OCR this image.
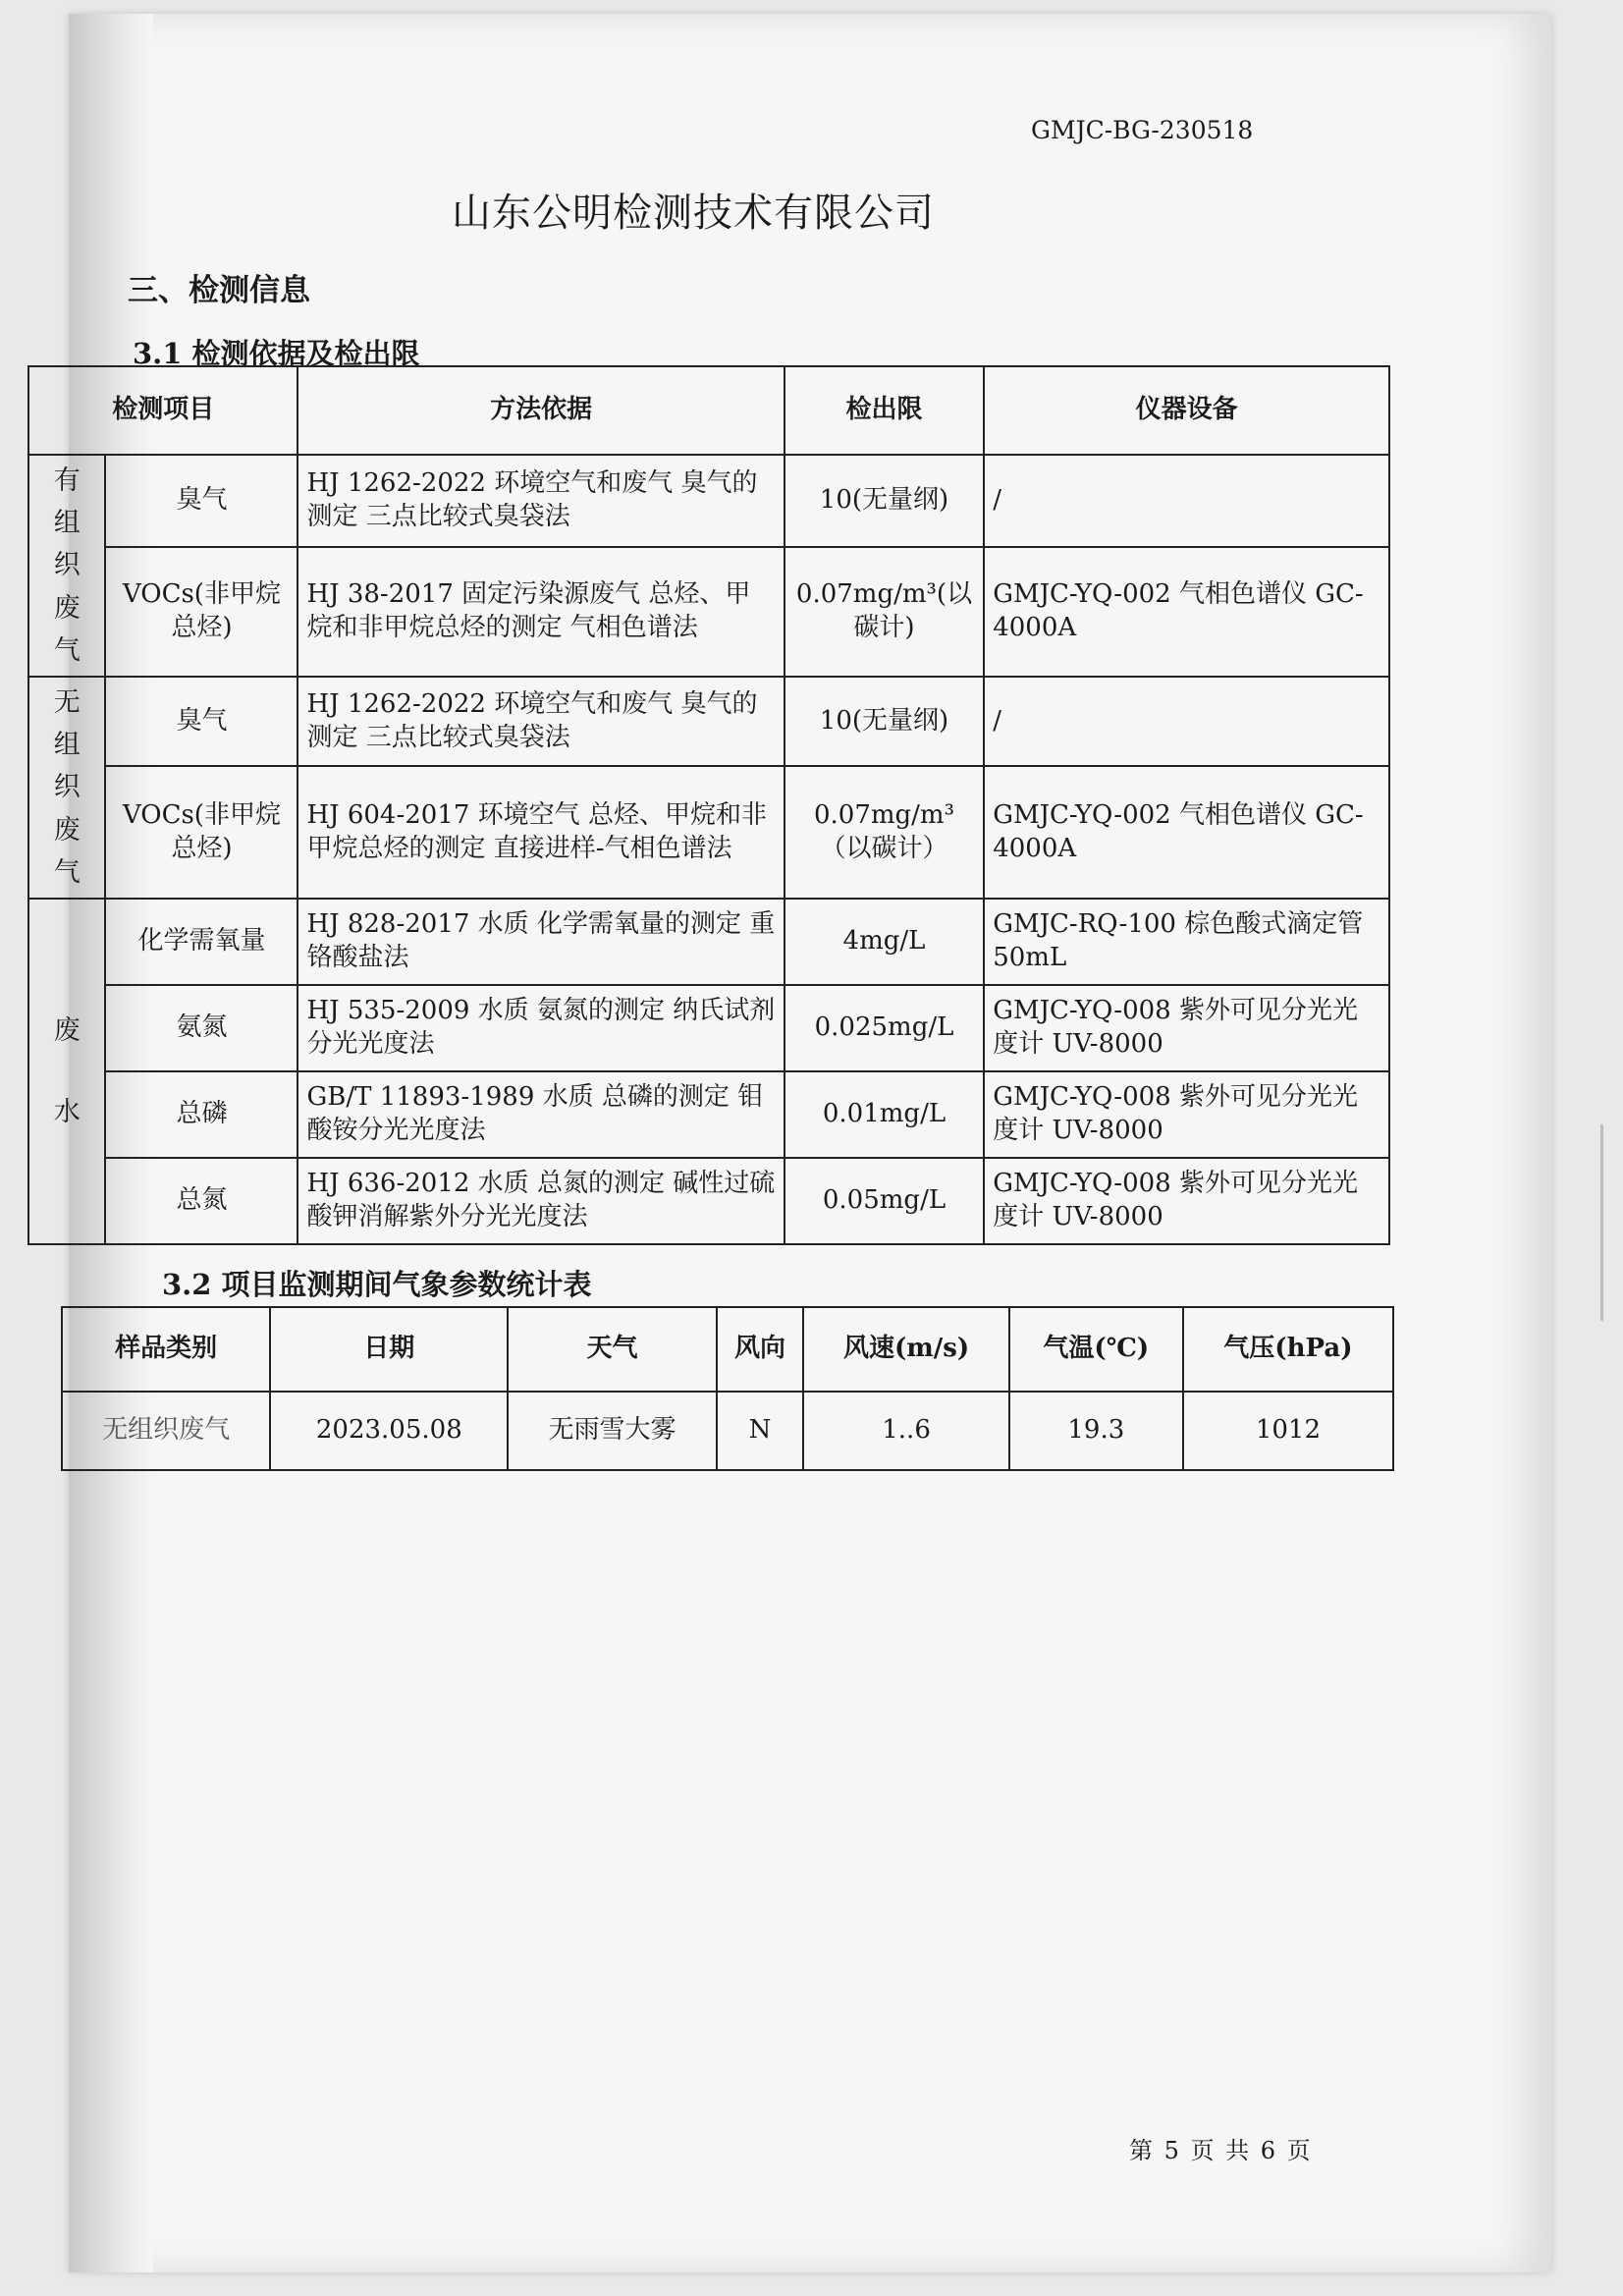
GMJC-BG-230518
山东公明检测技术有限公司
三、检测信息
3.1 检测依据及检出限
检测项目		方法依据	检出限	仪器设备

有
组
织
废
气	臭气	HJ 1262-2022 环境空气和废气 臭气的测定 三点比较式臭袋法	10(无量纲)	/
	VOCs(非甲烷总烃)	HJ 38-2017 固定污染源废气 总烃、甲烷和非甲烷总烃的测定 气相色谱法	0.07mg/m³(以碳计)	GMJC-YQ-002 气相色谱仪 GC-4000A

无
组
织
废
气	臭气	HJ 1262-2022 环境空气和废气 臭气的测定 三点比较式臭袋法	10(无量纲)	/
	VOCs(非甲烷总烃)	HJ 604-2017 环境空气 总烃、甲烷和非甲烷总烃的测定 直接进样-气相色谱法	0.07mg/m³（以碳计）	GMJC-YQ-002 气相色谱仪 GC-4000A

废
水	化学需氧量	HJ 828-2017 水质 化学需氧量的测定 重铬酸盐法	4mg/L	GMJC-RQ-100 棕色酸式滴定管 50mL
	氨氮	HJ 535-2009 水质 氨氮的测定 纳氏试剂分光光度法	0.025mg/L	GMJC-YQ-008 紫外可见分光光度计 UV-8000
	总磷	GB/T 11893-1989 水质 总磷的测定 钼酸铵分光光度法	0.01mg/L	GMJC-YQ-008 紫外可见分光光度计 UV-8000
	总氮	HJ 636-2012 水质 总氮的测定 碱性过硫酸钾消解紫外分光光度法	0.05mg/L	GMJC-YQ-008 紫外可见分光光度计 UV-8000
3.2 项目监测期间气象参数统计表
样品类别	日期	天气	风向	风速(m/s)	气温(℃)	气压(hPa)
无组织废气	2023.05.08	无雨雪大雾	N	1..6	19.3	1012
第 5 页 共 6 页
